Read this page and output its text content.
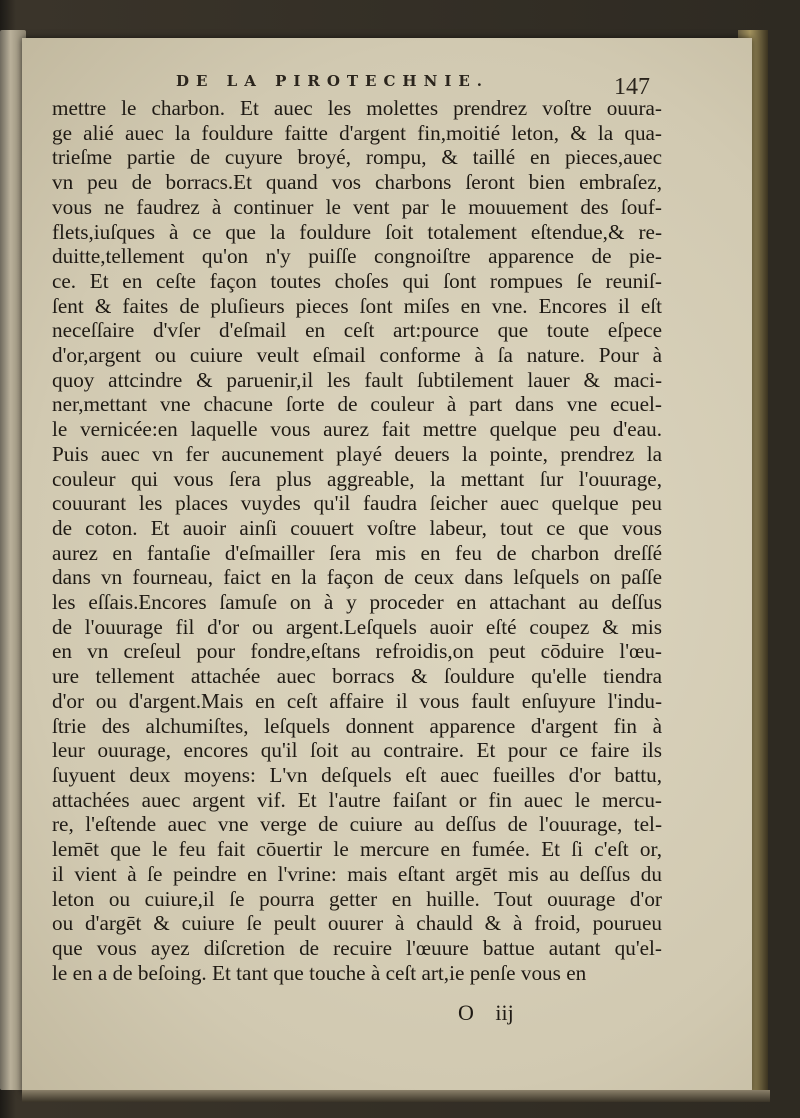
DE LA PIROTECHNIE.	147
mettre le charbon. Et auec les molettes prendrez voſtre ouura-
ge alié auec la fouldure faitte d'argent fin,moitié leton, & la qua-
trieſme partie de cuyure broyé, rompu, & taillé en pieces,auec
vn peu de borracs.Et quand vos charbons ſeront bien embraſez,
vous ne faudrez à continuer le vent par le mouuement des ſouf-
flets,iuſques à ce que la fouldure ſoit totalement eſtendue,& re-
duitte,tellement qu'on n'y puiſſe congnoiſtre apparence de pie-
ce. Et en ceſte façon toutes choſes qui ſont rompues ſe reuniſ-
ſent & faites de pluſieurs pieces ſont miſes en vne. Encores il eſt
neceſſaire d'vſer d'eſmail en ceſt art:pource que toute eſpece
d'or,argent ou cuiure veult eſmail conforme à ſa nature. Pour à
quoy attcindre & paruenir,il les fault ſubtilement lauer & maci-
ner,mettant vne chacune ſorte de couleur à part dans vne ecuel-
le vernicée:en laquelle vous aurez fait mettre quelque peu d'eau.
Puis auec vn fer aucunement playé deuers la pointe, prendrez la
couleur qui vous ſera plus aggreable, la mettant ſur l'ouurage,
couurant les places vuydes qu'il faudra ſeicher auec quelque peu
de coton. Et auoir ainſi couuert voſtre labeur, tout ce que vous
aurez en fantaſie d'eſmailler ſera mis en feu de charbon dreſſé
dans vn fourneau, faict en la façon de ceux dans leſquels on paſſe
les eſſais.Encores ſamuſe on à y proceder en attachant au deſſus
de l'ouurage fil d'or ou argent.Leſquels auoir eſté coupez & mis
en vn creſeul pour fondre,eſtans refroidis,on peut cōduire l'œu-
ure tellement attachée auec borracs & ſouldure qu'elle tiendra
d'or ou d'argent.Mais en ceſt affaire il vous fault enſuyure l'indu-
ſtrie des alchumiſtes, leſquels donnent apparence d'argent fin à
leur ouurage, encores qu'il ſoit au contraire. Et pour ce faire ils
ſuyuent deux moyens: L'vn deſquels eſt auec fueilles d'or battu,
attachées auec argent vif. Et l'autre faiſant or fin auec le mercu-
re, l'eſtende auec vne verge de cuiure au deſſus de l'ouurage, tel-
lemēt que le feu fait cōuertir le mercure en fumée. Et ſi c'eſt or,
il vient à ſe peindre en l'vrine: mais eſtant argēt mis au deſſus du
leton ou cuiure,il ſe pourra getter en huille. Tout ouurage d'or
ou d'argēt & cuiure ſe peult ouurer à chauld & à froid, pourueu
que vous ayez diſcretion de recuire l'œuure battue autant qu'el-
le en a de beſoing. Et tant que touche à ceſt art,ie penſe vous en
O iij
